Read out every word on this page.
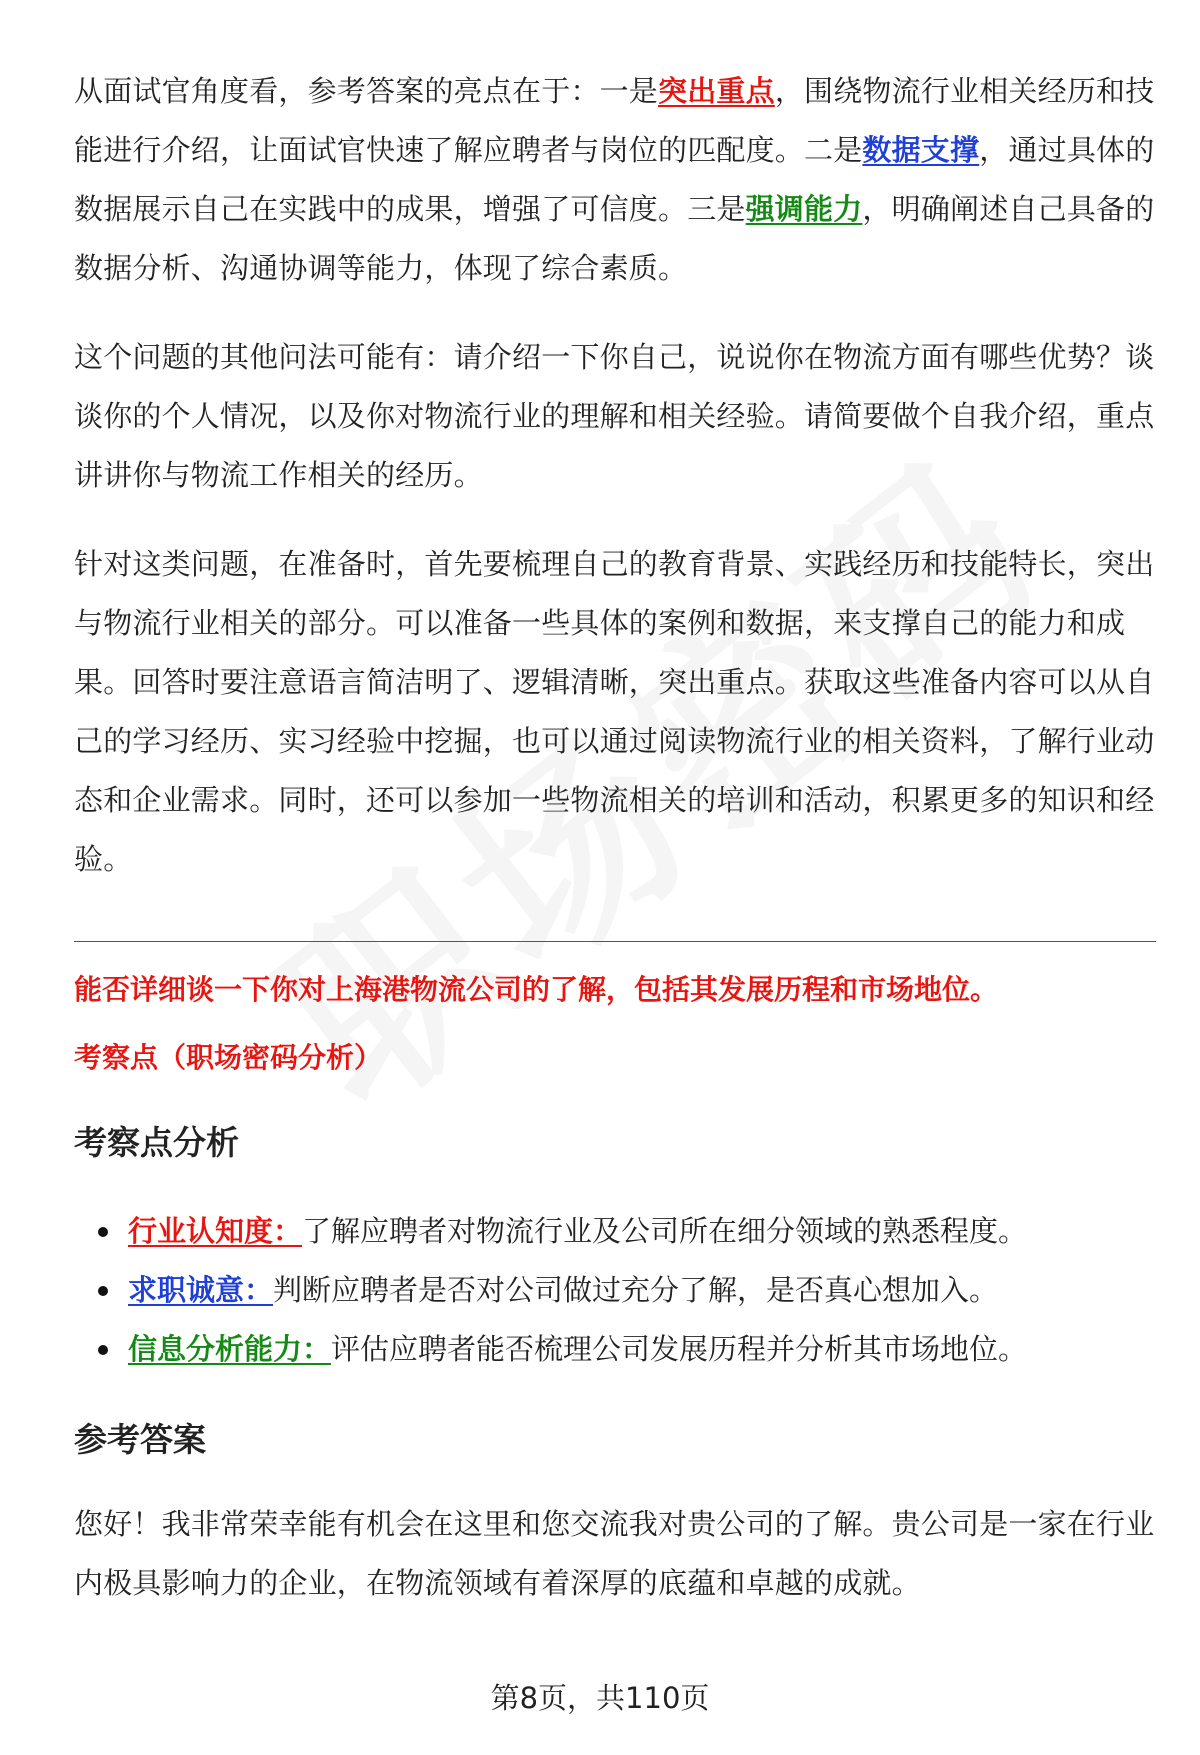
从面试官角度看，参考答案的亮点在于：一是突出重点，围绕物流行业相关经历和技能进行介绍，让面试官快速了解应聘者与岗位的匹配度。二是数据支撑，通过具体的数据展示自己在实践中的成果，增强了可信度。三是强调能力，明确阐述自己具备的数据分析、沟通协调等能力，体现了综合素质。

这个问题的其他问法可能有：请介绍一下你自己，说说你在物流方面有哪些优势？谈谈你的个人情况，以及你对物流行业的理解和相关经验。请简要做个自我介绍，重点讲讲你与物流工作相关的经历。

针对这类问题，在准备时，首先要梳理自己的教育背景、实践经历和技能特长，突出与物流行业相关的部分。可以准备一些具体的案例和数据，来支撑自己的能力和成果。回答时要注意语言简洁明了、逻辑清晰，突出重点。获取这些准备内容可以从自己的学习经历、实习经验中挖掘，也可以通过阅读物流行业的相关资料，了解行业动态和企业需求。同时，还可以参加一些物流相关的培训和活动，积累更多的知识和经验。

能否详细谈一下你对上海港物流公司的了解，包括其发展历程和市场地位。
考察点（职场密码分析）
考察点分析
行业认知度：了解应聘者对物流行业及公司所在细分领域的熟悉程度。
求职诚意：判断应聘者是否对公司做过充分了解，是否真心想加入。
信息分析能力：评估应聘者能否梳理公司发展历程并分析其市场地位。
参考答案

您好！我非常荣幸能有机会在这里和您交流我对贵公司的了解。贵公司是一家在行业内极具影响力的企业，在物流领域有着深厚的底蕴和卓越的成就。

第8页，共110页
